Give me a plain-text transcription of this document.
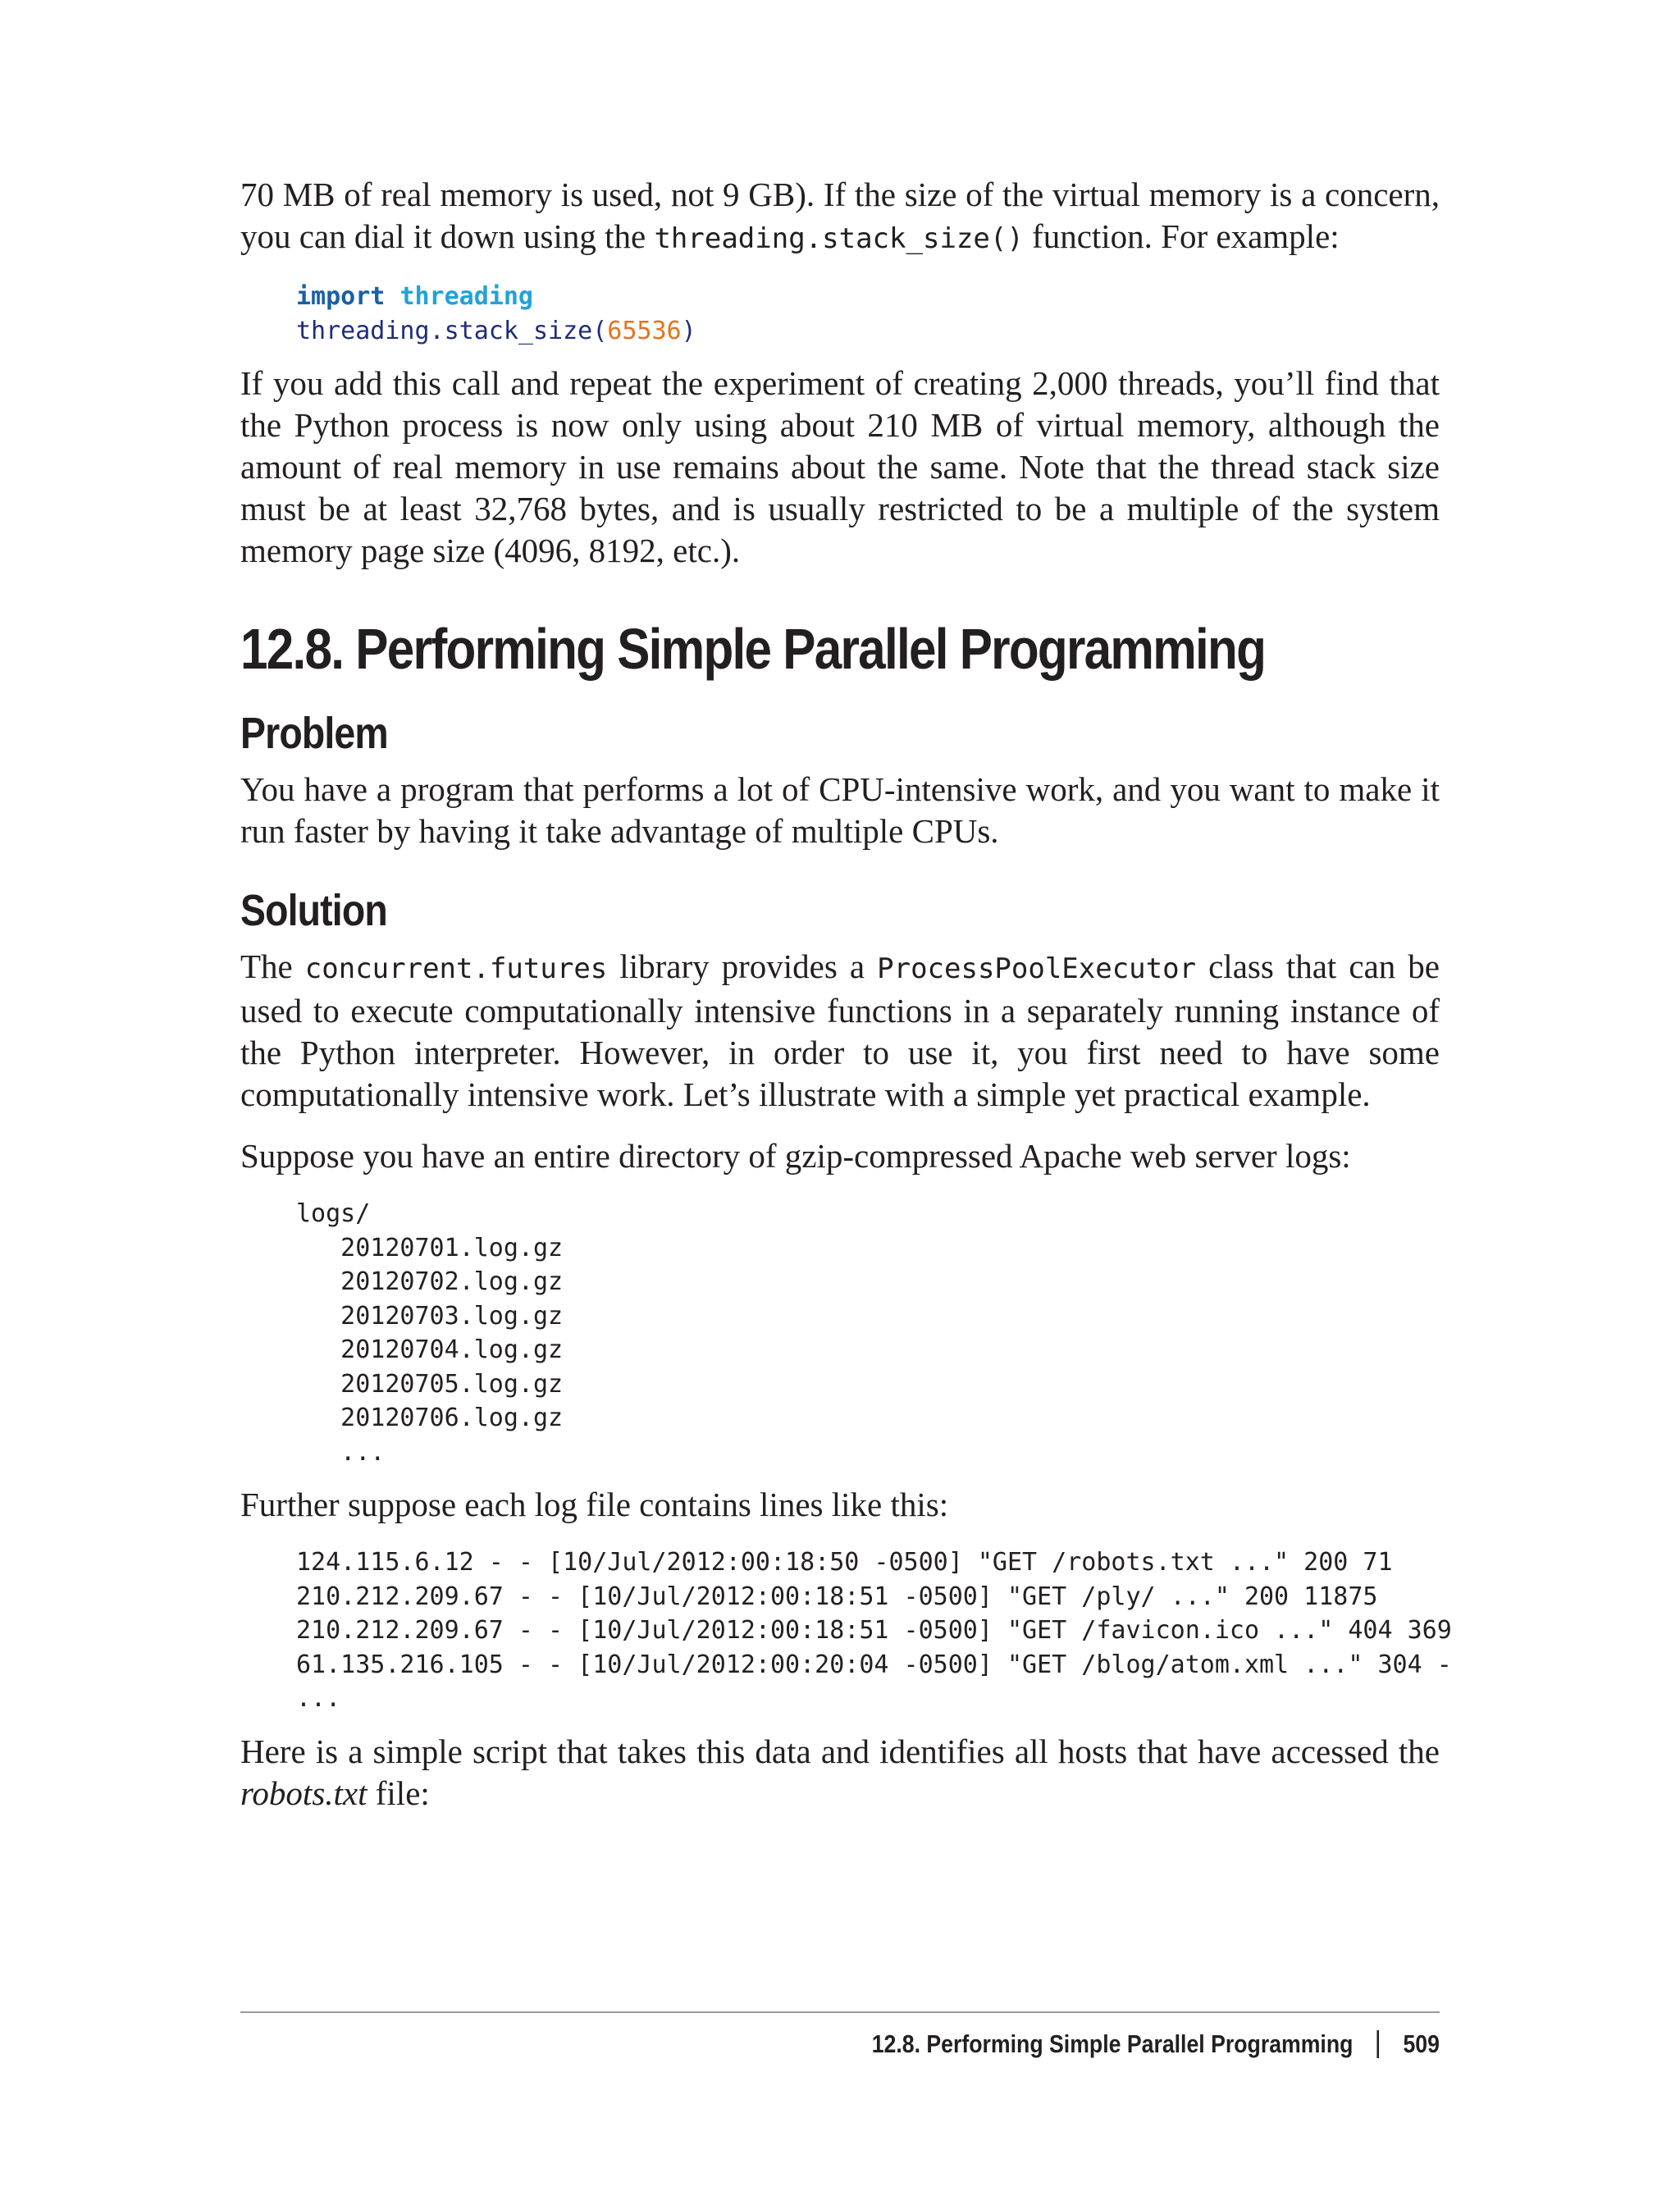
70 MB of real memory is used, not 9 GB). If the size of the virtual memory is a concern, you can dial it down using the threading.stack_size() function. For example:

import threading
threading.stack_size(65536)

If you add this call and repeat the experiment of creating 2,000 threads, you’ll find that the Python process is now only using about 210 MB of virtual memory, although the amount of real memory in use remains about the same. Note that the thread stack size must be at least 32,768 bytes, and is usually restricted to be a multiple of the system memory page size (4096, 8192, etc.).

12.8. Performing Simple Parallel Programming
Problem

You have a program that performs a lot of CPU-intensive work, and you want to make it run faster by having it take advantage of multiple CPUs.

Solution

The concurrent.futures library provides a ProcessPoolExecutor class that can be used to execute computationally intensive functions in a separately running instance of the Python interpreter. However, in order to use it, you first need to have some computationally intensive work. Let’s illustrate with a simple yet practical example.

Suppose you have an entire directory of gzip-compressed Apache web server logs:

logs/
20120701.log.gz
20120702.log.gz
20120703.log.gz
20120704.log.gz
20120705.log.gz
20120706.log.gz
...

Further suppose each log file contains lines like this:

124.115.6.12 - - [10/Jul/2012:00:18:50 -0500] "GET /robots.txt ..." 200 71
210.212.209.67 - - [10/Jul/2012:00:18:51 -0500] "GET /ply/ ..." 200 11875
210.212.209.67 - - [10/Jul/2012:00:18:51 -0500] "GET /favicon.ico ..." 404 369
61.135.216.105 - - [10/Jul/2012:00:20:04 -0500] "GET /blog/atom.xml ..." 304 -
...

Here is a simple script that takes this data and identifies all hosts that have accessed the robots.txt file:

12.8. Performing Simple Parallel Programming 509
